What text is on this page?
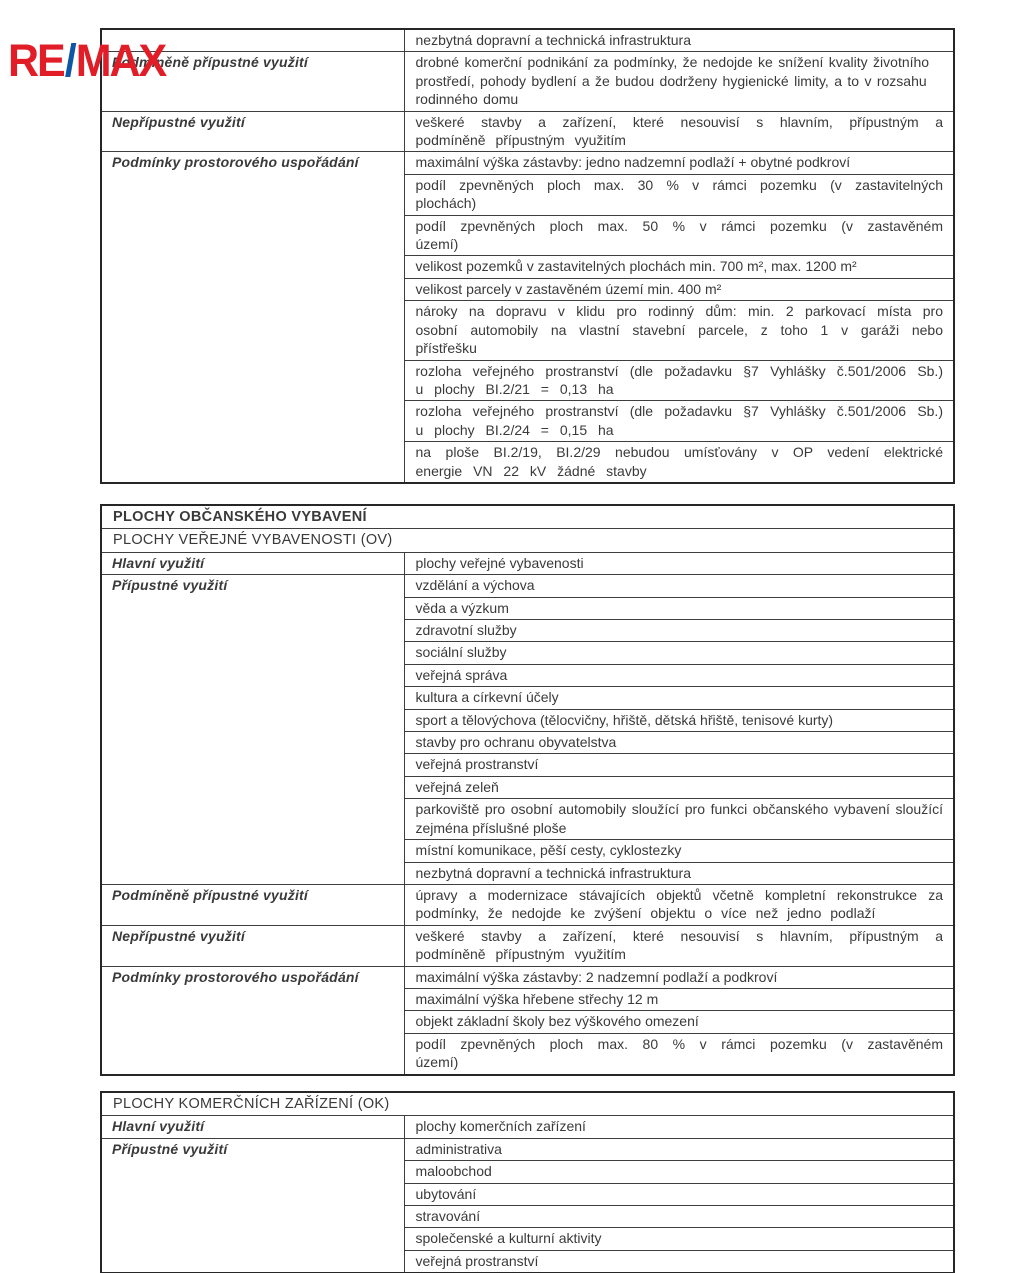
RE/MAX
		nezbytná dopravní a technická infrastruktura
Podmíněně přípustné využití	drobné komerční podnikání za podmínky, že nedojde ke snížení kvality životního prostředí, pohody bydlení a že budou dodrženy hygienické limity, a to v rozsahu rodinného domu
Nepřípustné využití	veškeré stavby a zařízení, které nesouvisí s hlavním, přípustným a podmíněně přípustným využitím
Podmínky prostorového uspořádání	maximální výška zástavby: jedno nadzemní podlaží + obytné podkroví
	podíl zpevněných ploch max. 30 % v rámci pozemku (v zastavitelných plochách)
	podíl zpevněných ploch max. 50 % v rámci pozemku (v zastavěném území)
	velikost pozemků v zastavitelných plochách min. 700 m², max. 1200 m²
	velikost parcely v zastavěném území min. 400 m²
	nároky na dopravu v klidu pro rodinný dům: min. 2 parkovací místa pro osobní automobily na vlastní stavební parcele, z toho 1 v garáži nebo přístřešku
	rozloha veřejného prostranství (dle požadavku §7 Vyhlášky č.501/2006 Sb.) u plochy BI.2/21 = 0,13 ha
	rozloha veřejného prostranství (dle požadavku §7 Vyhlášky č.501/2006 Sb.) u plochy BI.2/24 = 0,15 ha
	na ploše BI.2/19, BI.2/29 nebudou umísťovány v OP vedení elektrické energie VN 22 kV žádné stavby
PLOCHY OBČANSKÉHO VYBAVENÍ	
PLOCHY VEŘEJNÉ VYBAVENOSTI (OV)	
Hlavní využití	plochy veřejné vybavenosti
Přípustné využití	vzdělání a výchova
	věda a výzkum
	zdravotní služby
	sociální služby
	veřejná správa
	kultura a církevní účely
	sport a tělovýchova (tělocvičny, hřiště, dětská hřiště, tenisové kurty)
	stavby pro ochranu obyvatelstva
	veřejná prostranství
	veřejná zeleň
	parkoviště pro osobní automobily sloužící pro funkci občanského vybavení sloužící zejména příslušné ploše
	místní komunikace, pěší cesty, cyklostezky
	nezbytná dopravní a technická infrastruktura
Podmíněně přípustné využití	úpravy a modernizace stávajících objektů včetně kompletní rekonstrukce za podmínky, že nedojde ke zvýšení objektu o více než jedno podlaží
Nepřípustné využití	veškeré stavby a zařízení, které nesouvisí s hlavním, přípustným a podmíněně přípustným využitím
Podmínky prostorového uspořádání	maximální výška zástavby: 2 nadzemní podlaží a podkroví
	maximální výška hřebene střechy 12 m
	objekt základní školy bez výškového omezení
	podíl zpevněných ploch max. 80 % v rámci pozemku (v zastavěném území)
PLOCHY KOMERČNÍCH ZAŘÍZENÍ (OK)	
Hlavní využití	plochy komerčních zařízení
Přípustné využití	administrativa
	maloobchod
	ubytování
	stravování
	společenské a kulturní aktivity
	veřejná prostranství
